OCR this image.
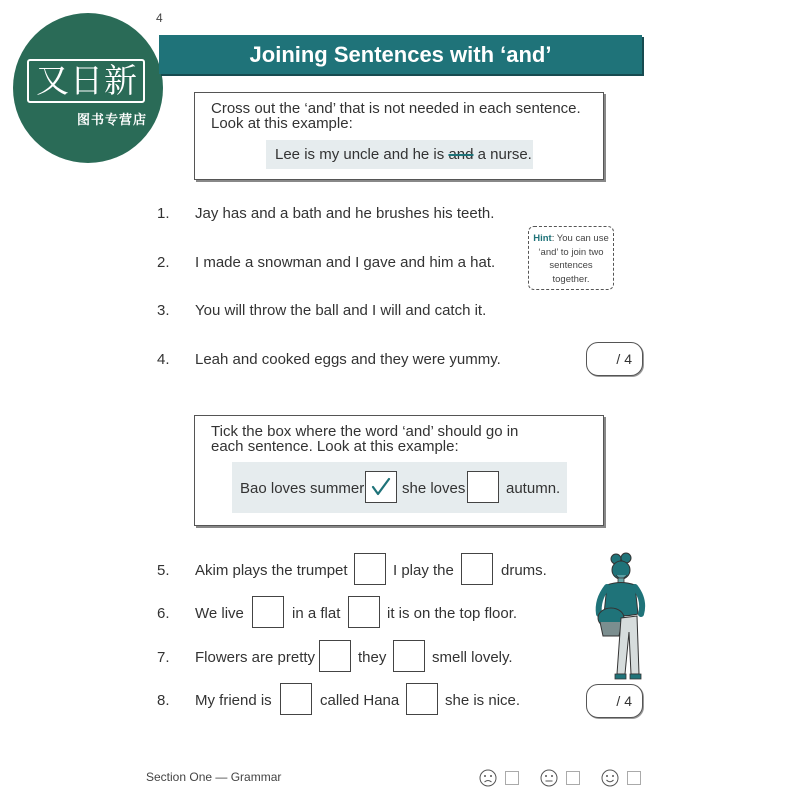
又日新
图书专营店
4
Joining Sentences with ‘and’
Cross out the ‘and’ that is not needed in each sentence.
Look at this example:
Lee is my uncle and he is and a nurse.
1. Jay has and a bath and he brushes his teeth.
2. I made a snowman and I gave and him a hat.
3. You will throw the ball and I will and catch it.
4. Leah and cooked eggs and they were yummy.
Hint: You can use ‘and’ to join two sentences together.
/ 4
Tick the box where the word ‘and’ should go in
each sentence. Look at this example:
Bao loves summer	she loves	autumn.
5. Akim plays the trumpet	I play the	drums.
6. We live	in a flat	it is on the top floor.
7. Flowers are pretty	they	smell lovely.
8. My friend is	called Hana	she is nice.	/ 4
Section One — Grammar
